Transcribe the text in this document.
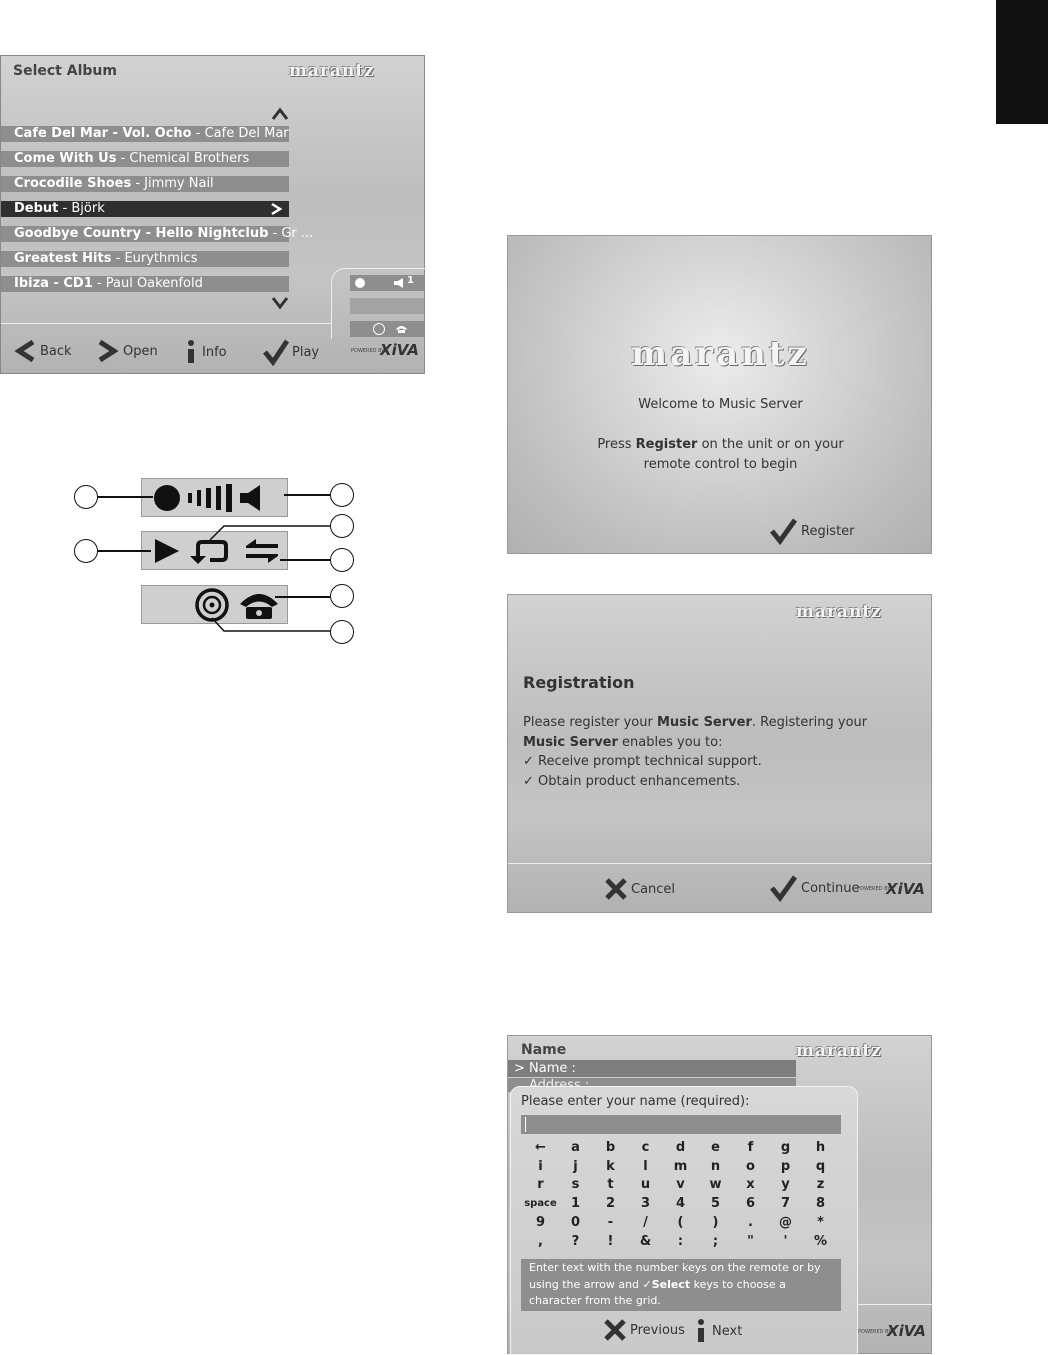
Select Album	marantz
Cafe Del Mar - Vol. Ocho - Cafe Del Mar
Come With Us - Chemical Brothers
Crocodile Shoes - Jimmy Nail
Debut - Björk
Goodbye Country - Hello Nightclub - Gr ...
Greatest Hits - Eurythmics
Ibiza - CD1 - Paul Oakenfold	1
Back	Open	Info	Play	POWERED BY
XiVA	marantz
Welcome to Music Server
Press Register on the unit or on your
remote control to begin
Register
marantz
Registration
Please register your Music Server. Registering your
Music Server enables you to:
✓ Receive prompt technical support.
✓ Obtain product enhancements.
Cancel	Continue
POWERED BY
XiVA
Name	marantz
> Name :
POWERED BY
XiVA
Please enter your name (required):
←	a	b	c	d	e	f	g	h
i	j	k	l	m	n	o	p	q
r	s	t	u	v	w	x	y	z
space	1	2	3	4	5	6	7	8
9	0	-	/	(	)	.	@	*
,	?	!	&	:	;	"	'	%
Enter text with the number keys on the remote or by using the arrow and ✓Select keys to choose a character from the grid.
Previous Next
